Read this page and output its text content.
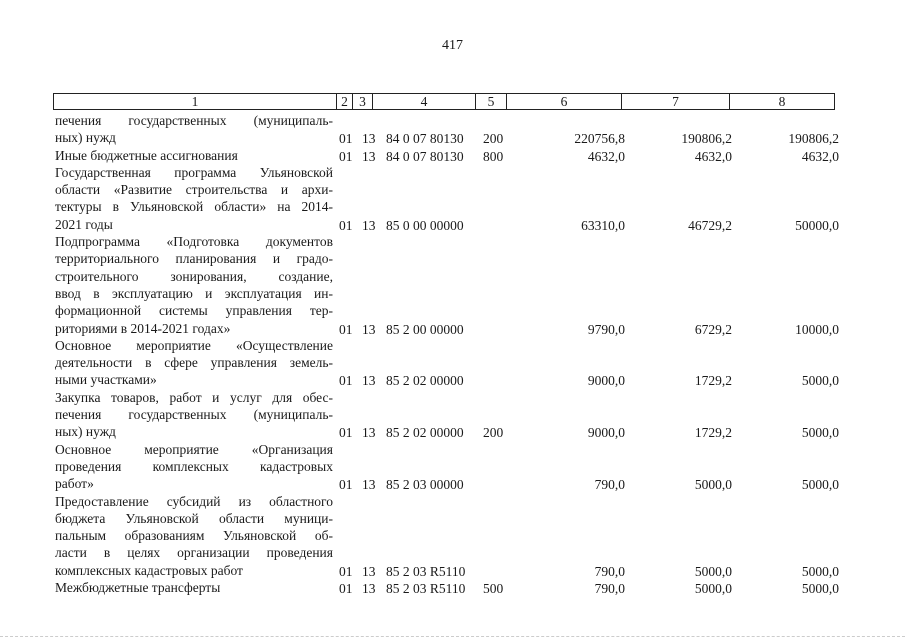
417
1	2	3	4	5	6	7	8
печения государственных (муниципаль-
ных) нужд	01 13 84 0 07 80130 200	220756,8	190806,2	190806,2
Иные бюджетные ассигнования	01 13 84 0 07 80130 800	4632,0	4632,0	4632,0
Государственная программа Ульяновской
области «Развитие строительства и архи-
тектуры в Ульяновской области» на 2014-
2021 годы	01 13 85 0 00 00000	63310,0	46729,2	50000,0
Подпрограмма «Подготовка документов
территориального планирования и градо-
строительного зонирования, создание,
ввод в эксплуатацию и эксплуатация ин-
формационной системы управления тер-
риториями в 2014-2021 годах»	01 13 85 2 00 00000	9790,0	6729,2	10000,0
Основное мероприятие «Осуществление
деятельности в сфере управления земель-
ными участками»	01 13 85 2 02 00000	9000,0	1729,2	5000,0
Закупка товаров, работ и услуг для обес-
печения государственных (муниципаль-
ных) нужд	01 13 85 2 02 00000 200	9000,0	1729,2	5000,0
Основное мероприятие «Организация
проведения комплексных кадастровых
работ»	01 13 85 2 03 00000	790,0	5000,0	5000,0
Предоставление субсидий из областного
бюджета Ульяновской области муници-
пальным образованиям Ульяновской об-
ласти в целях организации проведения
комплексных кадастровых работ	01 13 85 2 03 R5110	790,0	5000,0	5000,0
Межбюджетные трансферты	01 13 85 2 03 R5110 500	790,0	5000,0	5000,0
